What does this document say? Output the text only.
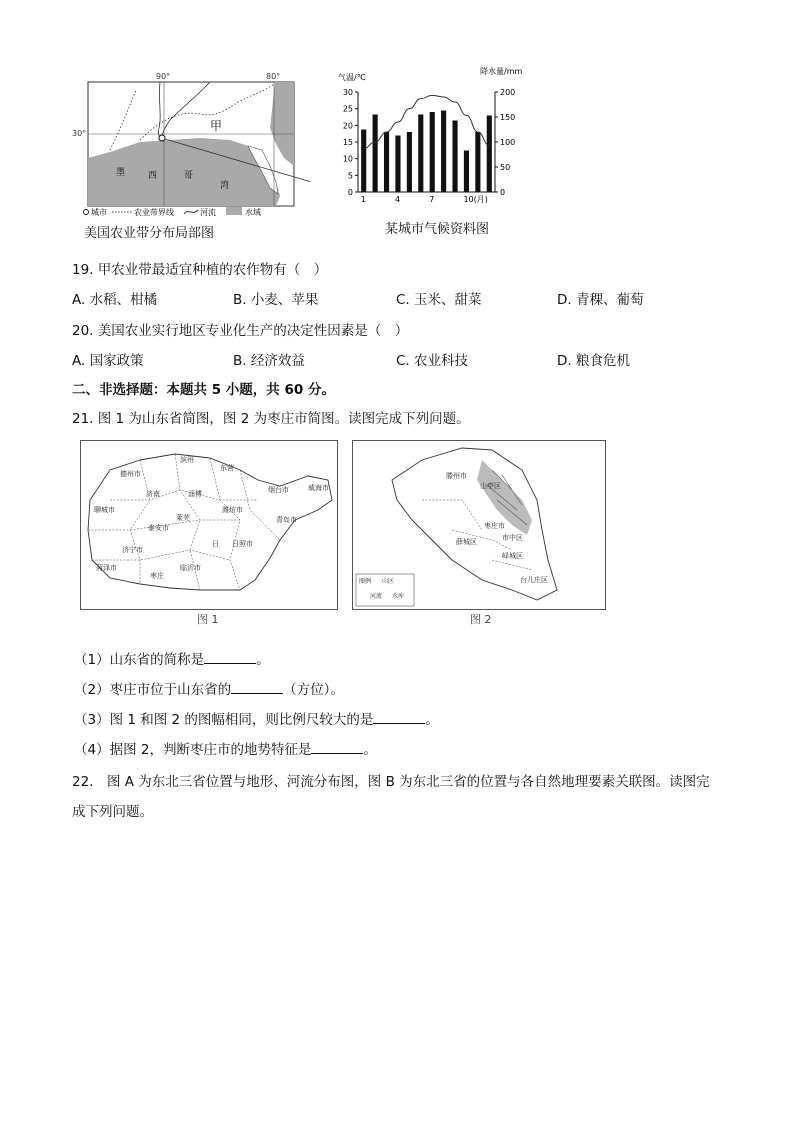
90°	80°
30°
甲
墨	西	哥
湾
城市	农业带界线	河流	水域
美国农业带分布局部图
气温/℃
降水量/mm
0
5
10
15
20
25
30
0
50
100
150
200
1	4	7	10(月)
某城市气候资料图
19. 甲农业带最适宜种植的农作物有（　）
A. 水稻、柑橘	B. 小麦、苹果	C. 玉米、甜菜	D. 青稞、葡萄
20. 美国农业实行地区专业化生产的决定性因素是（　）
A. 国家政策	B. 经济效益	C. 农业科技	D. 粮食危机
二、非选择题：本题共 5 小题，共 60 分。
21. 图 1 为山东省简图，图 2 为枣庄市简图。读图完成下列问题。
滨州
德州市
东营
淄博
聊城市
济南
潍坊市
青岛市
烟台市	威海市
泰安市
莱芜
日照市
济宁市
临沂市
菏泽市
枣庄
日
图 1
滕州市
山亭区
薛城区	市中区
枣庄市
峄城区
台儿庄区
图例 山区
河流 水库
图 2
（1）山东省的简称是	。
（2）枣庄市位于山东省的	（方位）。
（3）图 1 和图 2 的图幅相同，则比例尺较大的是	。
（4）据图 2，判断枣庄市的地势特征是	。
22.　图 A 为东北三省位置与地形、河流分布图，图 B 为东北三省的位置与各自然地理要素关联图。读图完
成下列问题。
